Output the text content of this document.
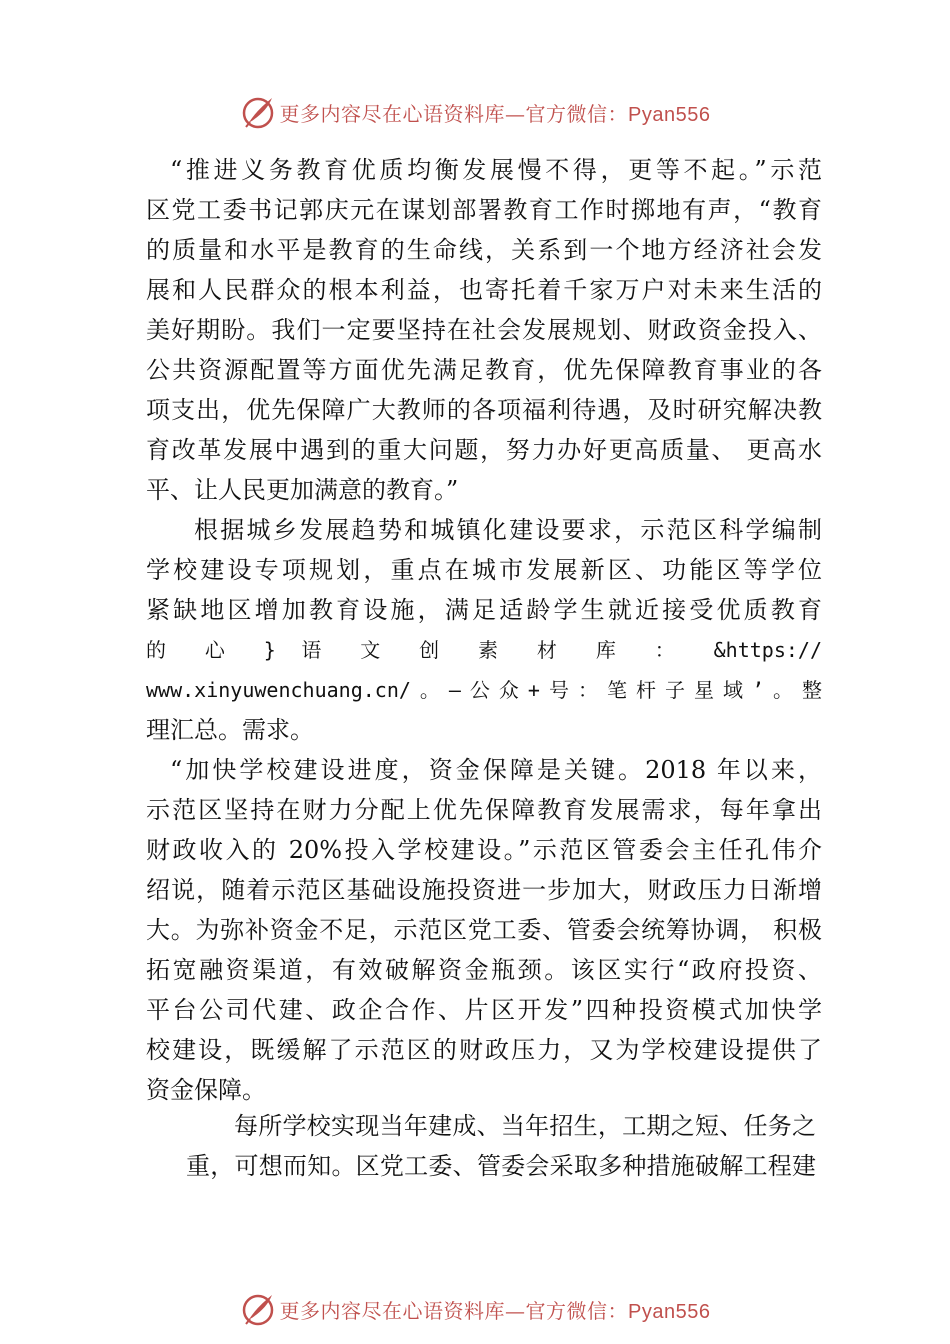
更多内容尽在心语资料库—官方微信：Pyan556
“推进义务教育优质均衡发展慢不得，更等不起。”示范
区党工委书记郭庆元在谋划部署教育工作时掷地有声，“教育
的质量和水平是教育的生命线，关系到一个地方经济社会发
展和人民群众的根本利益，也寄托着千家万户对未来生活的
美好期盼。我们一定要坚持在社会发展规划、财政资金投入、
公共资源配置等方面优先满足教育，优先保障教育事业的各
项支出，优先保障广大教师的各项福利待遇，及时研究解决教
育改革发展中遇到的重大问题，努力办好更高质量、 更高水
平、让人民更加满意的教育。”
根据城乡发展趋势和城镇化建设要求，示范区科学编制
学校建设专项规划，重点在城市发展新区、功能区等学位
紧缺地区增加教育设施，满足适龄学生就近接受优质教育
的 心 } 语 文 创 素 材 库 ： &https://
www.xinyuwenchuang.cn/。—公众+号：笔杆子星域’。整
理汇总。需求。
“加快学校建设进度，资金保障是关键。2018 年以来，
示范区坚持在财力分配上优先保障教育发展需求，每年拿出
财政收入的 20%投入学校建设。”示范区管委会主任孔伟介
绍说，随着示范区基础设施投资进一步加大，财政压力日渐增
大。为弥补资金不足，示范区党工委、管委会统筹协调， 积极
拓宽融资渠道，有效破解资金瓶颈。该区实行“政府投资、
平台公司代建、政企合作、片区开发”四种投资模式加快学
校建设，既缓解了示范区的财政压力，又为学校建设提供了
资金保障。
每所学校实现当年建成、当年招生，工期之短、任务之
重，可想而知。区党工委、管委会采取多种措施破解工程建
更多内容尽在心语资料库—官方微信：Pyan556
